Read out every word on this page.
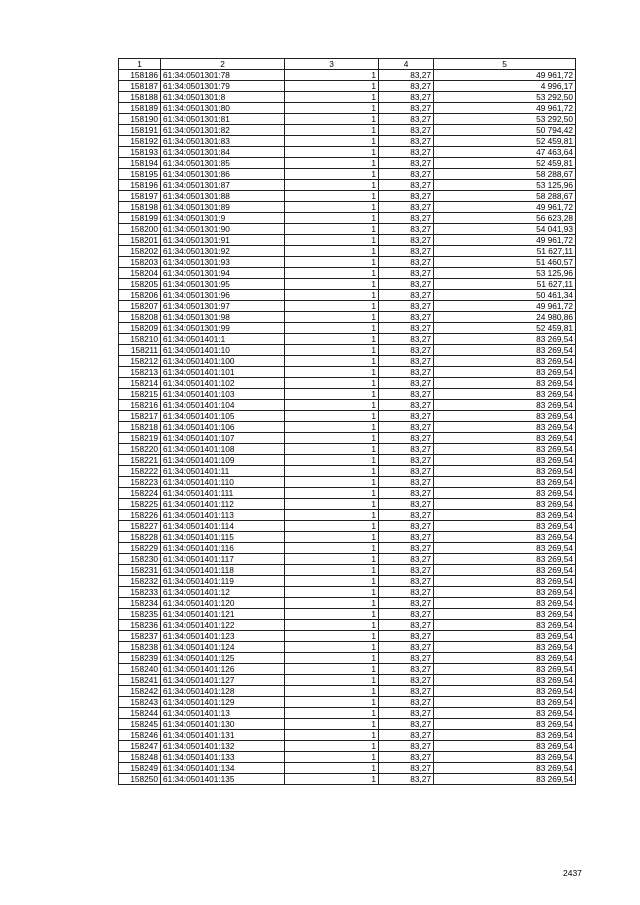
1	2	3	4	5
158186	61:34:0501301:78	1	83,27	49 961,72
158187	61:34:0501301:79	1	83,27	4 996,17
158188	61:34:0501301:8	1	83,27	53 292,50
158189	61:34:0501301:80	1	83,27	49 961,72
158190	61:34:0501301:81	1	83,27	53 292,50
158191	61:34:0501301:82	1	83,27	50 794,42
158192	61:34:0501301:83	1	83,27	52 459,81
158193	61:34:0501301:84	1	83,27	47 463,64
158194	61:34:0501301:85	1	83,27	52 459,81
158195	61:34:0501301:86	1	83,27	58 288,67
158196	61:34:0501301:87	1	83,27	53 125,96
158197	61:34:0501301:88	1	83,27	58 288,67
158198	61:34:0501301:89	1	83,27	49 961,72
158199	61:34:0501301:9	1	83,27	56 623,28
158200	61:34:0501301:90	1	83,27	54 041,93
158201	61:34:0501301:91	1	83,27	49 961,72
158202	61:34:0501301:92	1	83,27	51 627,11
158203	61:34:0501301:93	1	83,27	51 460,57
158204	61:34:0501301:94	1	83,27	53 125,96
158205	61:34:0501301:95	1	83,27	51 627,11
158206	61:34:0501301:96	1	83,27	50 461,34
158207	61:34:0501301:97	1	83,27	49 961,72
158208	61:34:0501301:98	1	83,27	24 980,86
158209	61:34:0501301:99	1	83,27	52 459,81
158210	61:34:0501401:1	1	83,27	83 269,54
158211	61:34:0501401:10	1	83,27	83 269,54
158212	61:34:0501401:100	1	83,27	83 269,54
158213	61:34:0501401:101	1	83,27	83 269,54
158214	61:34:0501401:102	1	83,27	83 269,54
158215	61:34:0501401:103	1	83,27	83 269,54
158216	61:34:0501401:104	1	83,27	83 269,54
158217	61:34:0501401:105	1	83,27	83 269,54
158218	61:34:0501401:106	1	83,27	83 269,54
158219	61:34:0501401:107	1	83,27	83 269,54
158220	61:34:0501401:108	1	83,27	83 269,54
158221	61:34:0501401:109	1	83,27	83 269,54
158222	61:34:0501401:11	1	83,27	83 269,54
158223	61:34:0501401:110	1	83,27	83 269,54
158224	61:34:0501401:111	1	83,27	83 269,54
158225	61:34:0501401:112	1	83,27	83 269,54
158226	61:34:0501401:113	1	83,27	83 269,54
158227	61:34:0501401:114	1	83,27	83 269,54
158228	61:34:0501401:115	1	83,27	83 269,54
158229	61:34:0501401:116	1	83,27	83 269,54
158230	61:34:0501401:117	1	83,27	83 269,54
158231	61:34:0501401:118	1	83,27	83 269,54
158232	61:34:0501401:119	1	83,27	83 269,54
158233	61:34:0501401:12	1	83,27	83 269,54
158234	61:34:0501401:120	1	83,27	83 269,54
158235	61:34:0501401:121	1	83,27	83 269,54
158236	61:34:0501401:122	1	83,27	83 269,54
158237	61:34:0501401:123	1	83,27	83 269,54
158238	61:34:0501401:124	1	83,27	83 269,54
158239	61:34:0501401:125	1	83,27	83 269,54
158240	61:34:0501401:126	1	83,27	83 269,54
158241	61:34:0501401:127	1	83,27	83 269,54
158242	61:34:0501401:128	1	83,27	83 269,54
158243	61:34:0501401:129	1	83,27	83 269,54
158244	61:34:0501401:13	1	83,27	83 269,54
158245	61:34:0501401:130	1	83,27	83 269,54
158246	61:34:0501401:131	1	83,27	83 269,54
158247	61:34:0501401:132	1	83,27	83 269,54
158248	61:34:0501401:133	1	83,27	83 269,54
158249	61:34:0501401:134	1	83,27	83 269,54
158250	61:34:0501401:135	1	83,27	83 269,54
2437
